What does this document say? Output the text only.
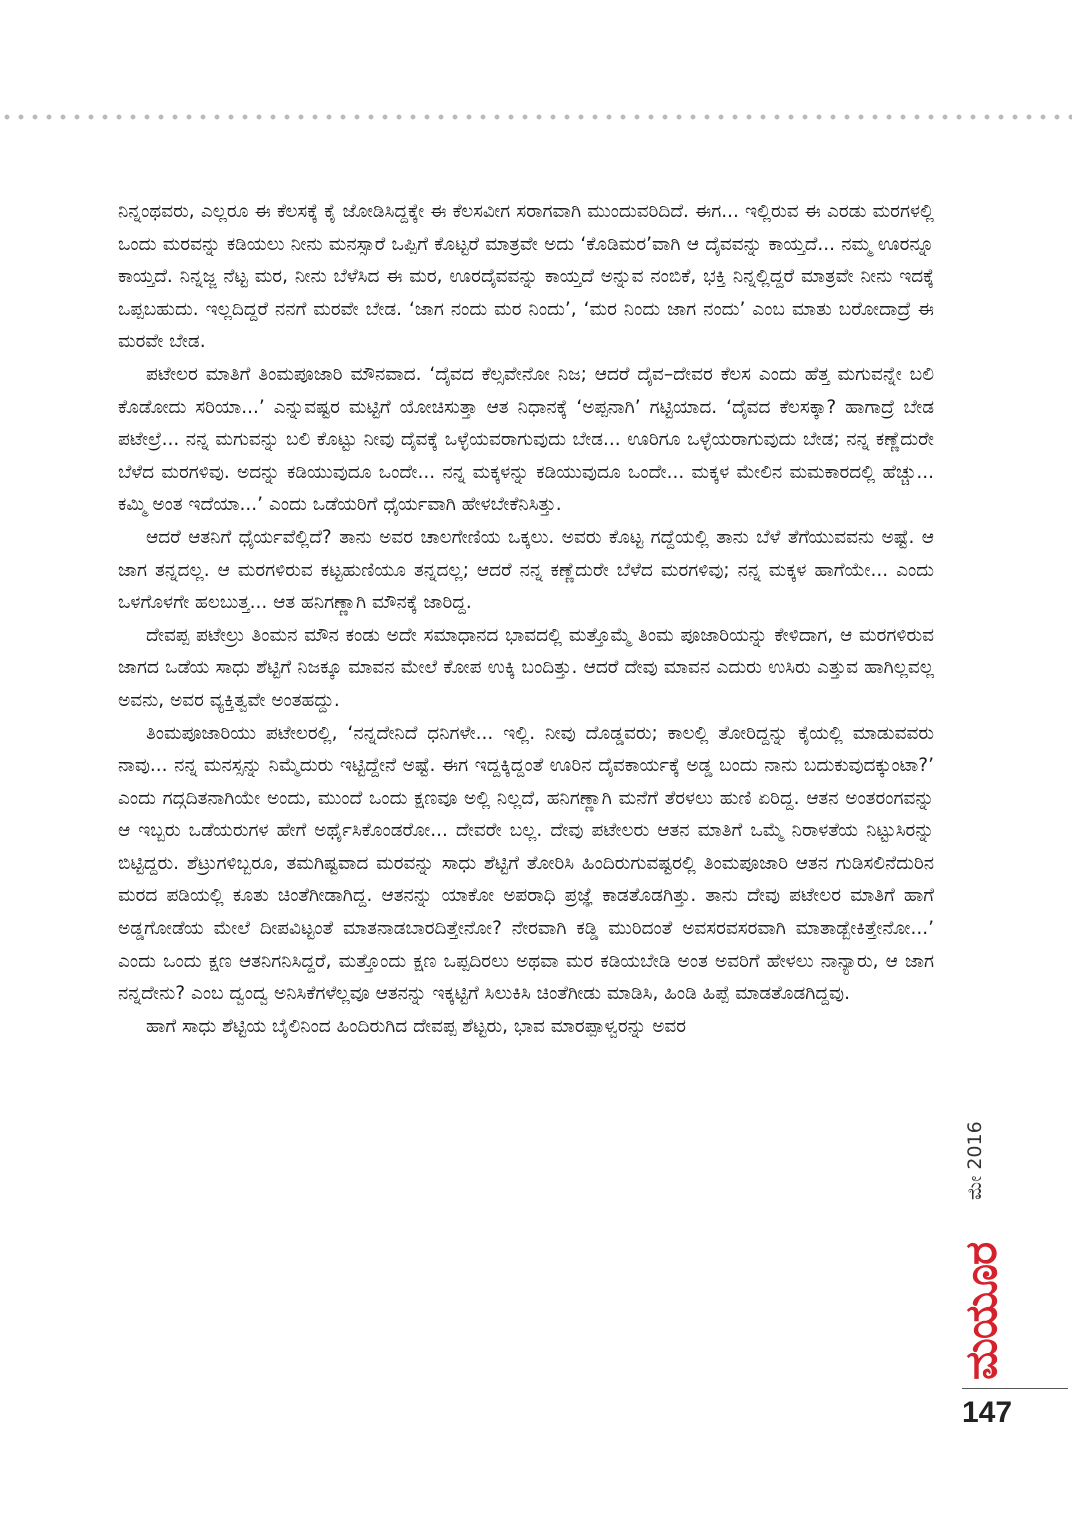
ನಿನ್ನಂಥವರು, ಎಲ್ಲರೂ ಈ ಕೆಲಸಕ್ಕೆ ಕೈ ಜೋಡಿಸಿದ್ದಕ್ಕೇ ಈ ಕೆಲಸವೀಗ ಸರಾಗವಾಗಿ ಮುಂದುವರಿದಿದೆ. ಈಗ... ಇಲ್ಲಿರುವ ಈ ಎರಡು ಮರಗಳಲ್ಲಿ ಒಂದು ಮರವನ್ನು ಕಡಿಯಲು ನೀನು ಮನಸ್ಸಾರೆ ಒಪ್ಪಿಗೆ ಕೊಟ್ಟರೆ ಮಾತ್ರವೇ ಅದು ‘ಕೊಡಿಮರ’ವಾಗಿ ಆ ದೈವವನ್ನು ಕಾಯ್ತದೆ... ನಮ್ಮ ಊರನ್ನೂ ಕಾಯ್ತದೆ. ನಿನ್ನಜ್ಜ ನೆಟ್ಟ ಮರ, ನೀನು ಬೆಳೆಸಿದ ಈ ಮರ, ಊರದೈವವನ್ನು ಕಾಯ್ತದೆ ಅನ್ನುವ ನಂಬಿಕೆ, ಭಕ್ತಿ ನಿನ್ನಲ್ಲಿದ್ದರೆ ಮಾತ್ರವೇ ನೀನು ಇದಕ್ಕೆ ಒಪ್ಪಬಹುದು. ಇಲ್ಲದಿದ್ದರೆ ನನಗೆ ಮರವೇ ಬೇಡ. ‘ಜಾಗ ನಂದು ಮರ ನಿಂದು’, ‘ಮರ ನಿಂದು ಜಾಗ ನಂದು’ ಎಂಬ ಮಾತು ಬರೋದಾದ್ರೆ ಈ ಮರವೇ ಬೇಡ.

ಪಟೇಲರ ಮಾತಿಗೆ ತಿಂಮಪೂಜಾರಿ ಮೌನವಾದ. ‘ದೈವದ ಕೆಲ್ಸವೇನೋ ನಿಜ; ಆದರೆ ದೈವ–ದೇವರ ಕೆಲಸ ಎಂದು ಹೆತ್ತ ಮಗುವನ್ನೇ ಬಲಿ ಕೊಡೋದು ಸರಿಯಾ...’ ಎನ್ನುವಷ್ಟರ ಮಟ್ಟಿಗೆ ಯೋಚಿಸುತ್ತಾ ಆತ ನಿಧಾನಕ್ಕೆ ‘ಅಪ್ಪನಾಗಿ’ ಗಟ್ಟಿಯಾದ. ‘ದೈವದ ಕೆಲಸಕ್ಕಾ? ಹಾಗಾದ್ರೆ ಬೇಡ ಪಟೇಲ್ರೆ... ನನ್ನ ಮಗುವನ್ನು ಬಲಿ ಕೊಟ್ಟು ನೀವು ದೈವಕ್ಕೆ ಒಳ್ಳೆಯವರಾಗುವುದು ಬೇಡ... ಊರಿಗೂ ಒಳ್ಳೆಯರಾಗುವುದು ಬೇಡ; ನನ್ನ ಕಣ್ಣೆದುರೇ ಬೆಳೆದ ಮರಗಳಿವು. ಅದನ್ನು ಕಡಿಯುವುದೂ ಒಂದೇ... ನನ್ನ ಮಕ್ಕಳನ್ನು ಕಡಿಯುವುದೂ ಒಂದೇ... ಮಕ್ಕಳ ಮೇಲಿನ ಮಮಕಾರದಲ್ಲಿ ಹೆಚ್ಚು... ಕಮ್ಮಿ ಅಂತ ಇದೆಯಾ...’ ಎಂದು ಒಡೆಯರಿಗೆ ಧೈರ್ಯವಾಗಿ ಹೇಳಬೇಕೆನಿಸಿತ್ತು.

ಆದರೆ ಆತನಿಗೆ ಧೈರ್ಯವೆಲ್ಲಿದೆ? ತಾನು ಅವರ ಚಾಲಗೇಣಿಯ ಒಕ್ಕಲು. ಅವರು ಕೊಟ್ಟ ಗದ್ದೆಯಲ್ಲಿ ತಾನು ಬೆಳೆ ತೆಗೆಯುವವನು ಅಷ್ಟೆ. ಆ ಜಾಗ ತನ್ನದಲ್ಲ. ಆ ಮರಗಳಿರುವ ಕಟ್ಟಹುಣಿಯೂ ತನ್ನದಲ್ಲ; ಆದರೆ ನನ್ನ ಕಣ್ಣೆದುರೇ ಬೆಳೆದ ಮರಗಳಿವು; ನನ್ನ ಮಕ್ಕಳ ಹಾಗೆಯೇ... ಎಂದು ಒಳಗೊಳಗೇ ಹಲಬುತ್ತ... ಆತ ಹನಿಗಣ್ಣಾಗಿ ಮೌನಕ್ಕೆ ಜಾರಿದ್ದ.

ದೇವಪ್ಪ ಪಟೇಲ್ರು ತಿಂಮನ ಮೌನ ಕಂಡು ಅದೇ ಸಮಾಧಾನದ ಭಾವದಲ್ಲಿ ಮತ್ತೊಮ್ಮೆ ತಿಂಮ ಪೂಜಾರಿಯನ್ನು ಕೇಳಿದಾಗ, ಆ ಮರಗಳಿರುವ ಜಾಗದ ಒಡೆಯ ಸಾಧು ಶೆಟ್ಟಿಗೆ ನಿಜಕ್ಕೂ ಮಾವನ ಮೇಲೆ ಕೋಪ ಉಕ್ಕಿ ಬಂದಿತ್ತು. ಆದರೆ ದೇವು ಮಾವನ ಎದುರು ಉಸಿರು ಎತ್ತುವ ಹಾಗಿಲ್ಲವಲ್ಲ ಅವನು, ಅವರ ವ್ಯಕ್ತಿತ್ವವೇ ಅಂತಹದ್ದು.

ತಿಂಮಪೂಜಾರಿಯು ಪಟೇಲರಲ್ಲಿ, ‘ನನ್ನದೇನಿದೆ ಧನಿಗಳೇ... ಇಲ್ಲಿ. ನೀವು ದೊಡ್ಡವರು; ಕಾಲಲ್ಲಿ ತೋರಿದ್ದನ್ನು ಕೈಯಲ್ಲಿ ಮಾಡುವವರು ನಾವು... ನನ್ನ ಮನಸ್ಸನ್ನು ನಿಮ್ಮೆದುರು ಇಟ್ಟಿದ್ದೇನೆ ಅಷ್ಟೆ. ಈಗ ಇದ್ದಕ್ಕಿದ್ದಂತೆ ಊರಿನ ದೈವಕಾರ್ಯಕ್ಕೆ ಅಡ್ಡ ಬಂದು ನಾನು ಬದುಕುವುದಕ್ಕುಂಟಾ?’ ಎಂದು ಗದ್ಗದಿತನಾಗಿಯೇ ಅಂದು, ಮುಂದೆ ಒಂದು ಕ್ಷಣವೂ ಅಲ್ಲಿ ನಿಲ್ಲದೆ, ಹನಿಗಣ್ಣಾಗಿ ಮನೆಗೆ ತೆರಳಲು ಹುಣಿ ಏರಿದ್ದ. ಆತನ ಅಂತರಂಗವನ್ನು ಆ ಇಬ್ಬರು ಒಡೆಯರುಗಳ ಹೇಗೆ ಅರ್ಥೈಸಿಕೊಂಡರೋ... ದೇವರೇ ಬಲ್ಲ. ದೇವು ಪಟೇಲರು ಆತನ ಮಾತಿಗೆ ಒಮ್ಮೆ ನಿರಾಳತೆಯ ನಿಟ್ಟುಸಿರನ್ನು ಬಿಟ್ಟಿದ್ದರು. ಶೆಟ್ರುಗಳಿಬ್ಬರೂ, ತಮಗಿಷ್ಟವಾದ ಮರವನ್ನು ಸಾಧು ಶೆಟ್ಟಿಗೆ ತೋರಿಸಿ ಹಿಂದಿರುಗುವಷ್ಟರಲ್ಲಿ ತಿಂಮಪೂಜಾರಿ ಆತನ ಗುಡಿಸಲಿನೆದುರಿನ ಮರದ ಪಡಿಯಲ್ಲಿ ಕೂತು ಚಿಂತೆಗೀಡಾಗಿದ್ದ. ಆತನನ್ನು ಯಾಕೋ ಅಪರಾಧಿ ಪ್ರಜ್ಞೆ ಕಾಡತೊಡಗಿತ್ತು. ತಾನು ದೇವು ಪಟೇಲರ ಮಾತಿಗೆ ಹಾಗೆ ಅಡ್ಡಗೋಡೆಯ ಮೇಲೆ ದೀಪವಿಟ್ಟಂತೆ ಮಾತನಾಡಬಾರದಿತ್ತೇನೋ? ನೇರವಾಗಿ ಕಡ್ಡಿ ಮುರಿದಂತೆ ಅವಸರವಸರವಾಗಿ ಮಾತಾಡ್ಬೇಕಿತ್ತೇನೋ...’ ಎಂದು ಒಂದು ಕ್ಷಣ ಆತನಿಗನಿಸಿದ್ದರೆ, ಮತ್ತೊಂದು ಕ್ಷಣ ಒಪ್ಪದಿರಲು ಅಥವಾ ಮರ ಕಡಿಯಬೇಡಿ ಅಂತ ಅವರಿಗೆ ಹೇಳಲು ನಾನ್ಯಾರು, ಆ ಜಾಗ ನನ್ನದೇನು? ಎಂಬ ದ್ವಂದ್ವ ಅನಿಸಿಕೆಗಳೆಲ್ಲವೂ ಆತನನ್ನು ಇಕ್ಕಟ್ಟಿಗೆ ಸಿಲುಕಿಸಿ ಚಿಂತೆಗೀಡು ಮಾಡಿಸಿ, ಹಿಂಡಿ ಹಿಪ್ಪೆ ಮಾಡತೊಡಗಿದ್ದವು.

ಹಾಗೆ ಸಾಧು ಶೆಟ್ಟಿಯ ಬೈಲಿನಿಂದ ಹಿಂದಿರುಗಿದ ದೇವಪ್ಪ ಶೆಟ್ಟರು, ಭಾವ ಮಾರಪ್ಪಾಳ್ವರನ್ನು ಅವರ

ಮೇ 2016
ಮಯೂರ
147
